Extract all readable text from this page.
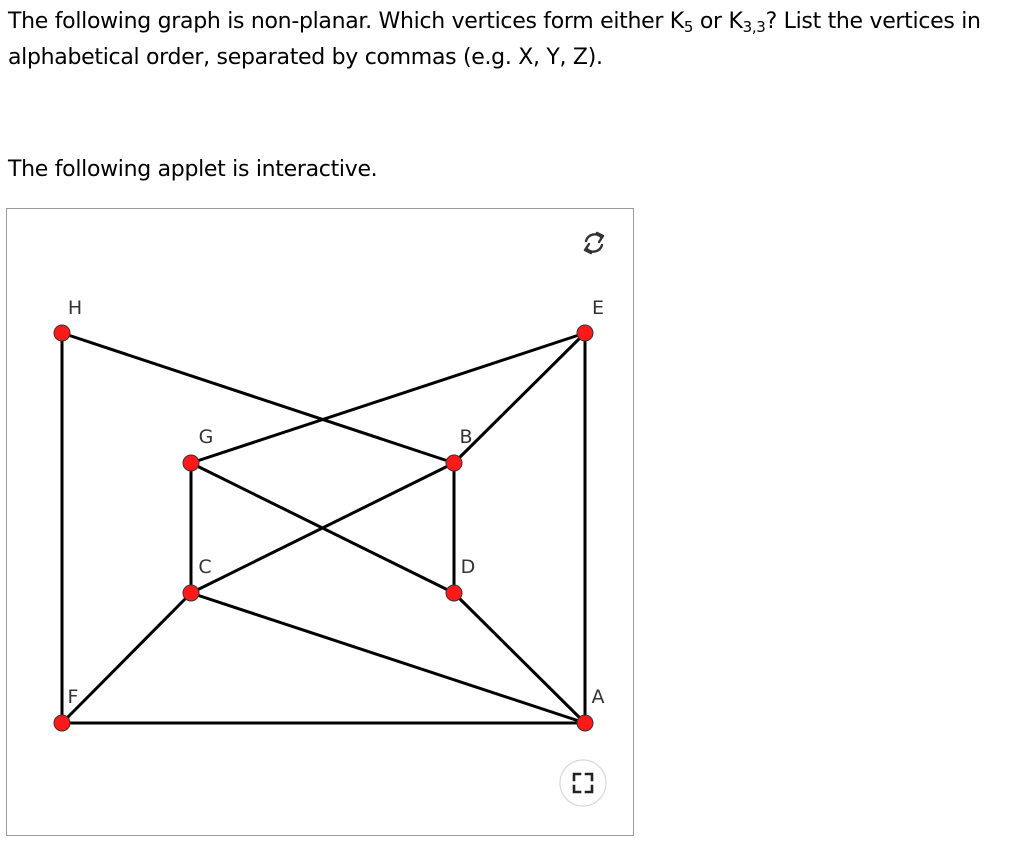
The following graph is non-planar. Which vertices form either $K_5$ or $K_{3,3}$? List the vertices in alphabetical order, separated by commas (e.g. X, Y, Z).
The following applet is interactive.
A
B
C	D
E
F
G
H
